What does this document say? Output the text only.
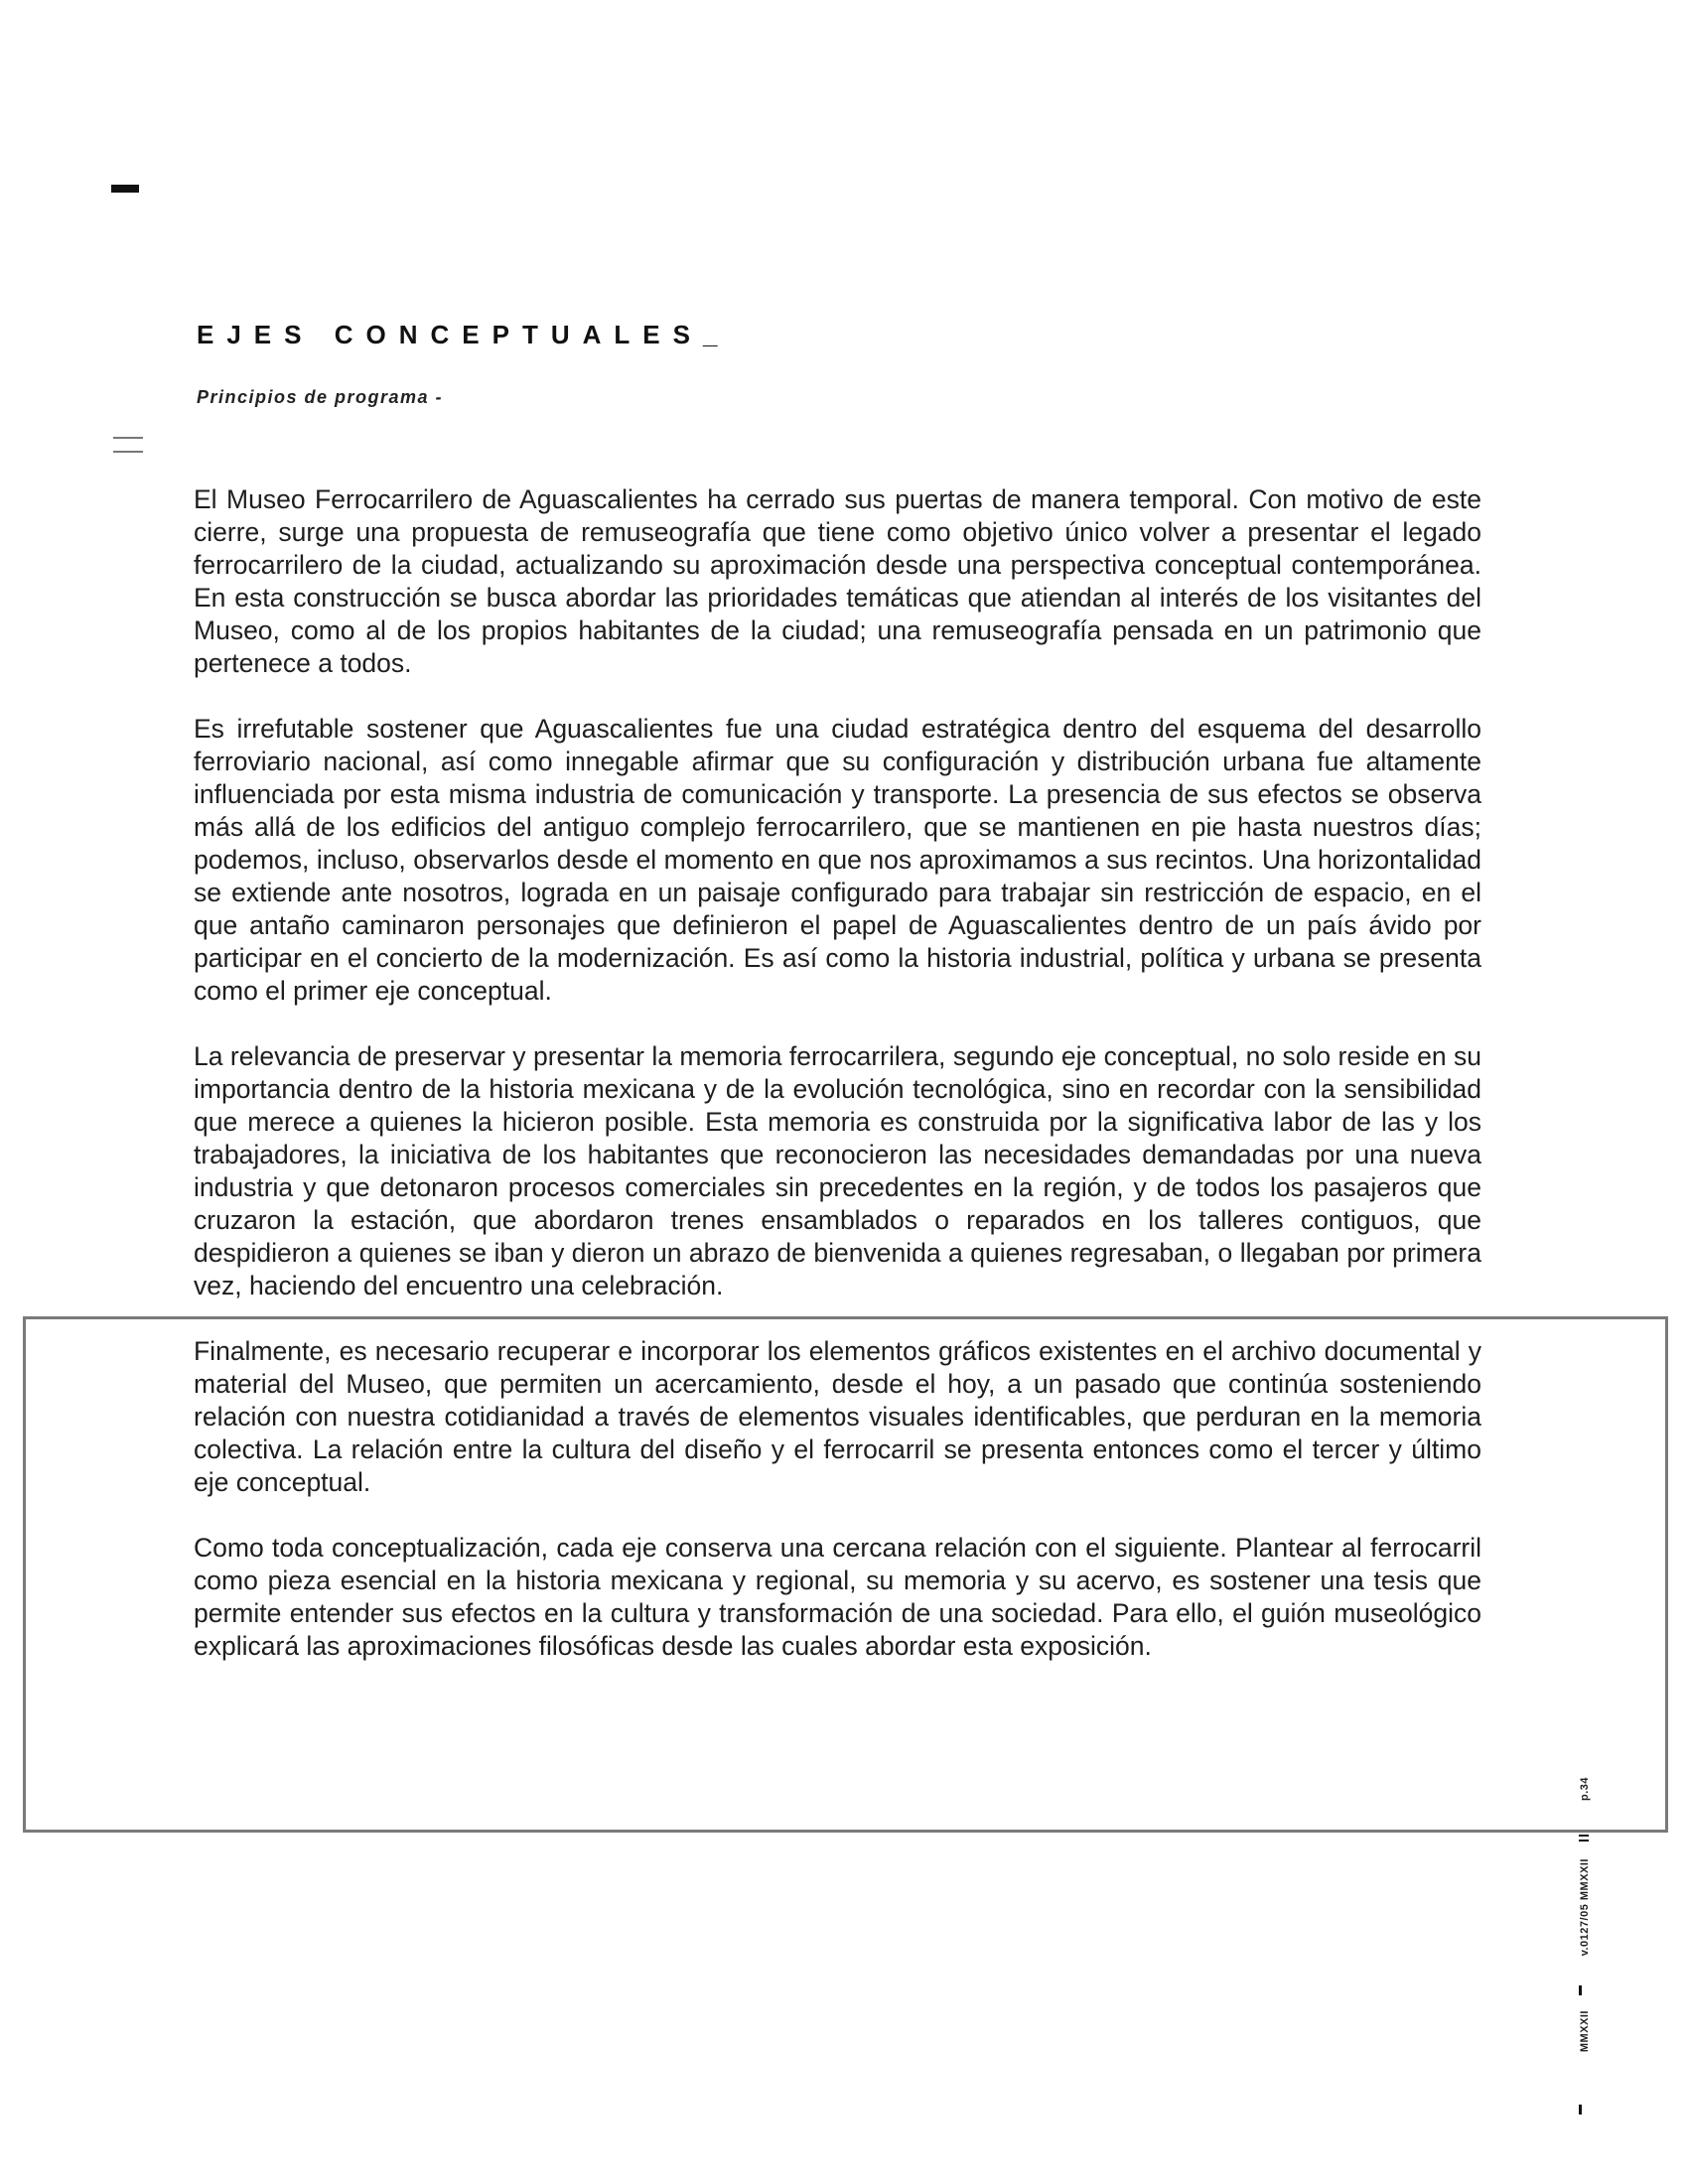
EJES CONCEPTUALES_
Principios de programa -

El Museo Ferrocarrilero de Aguascalientes ha cerrado sus puertas de manera temporal. Con motivo de este cierre, surge una propuesta de remuseografía que tiene como objetivo único volver a presentar el legado ferrocarrilero de la ciudad, actualizando su aproximación desde una perspectiva conceptual contemporánea. En esta construcción se busca abordar las prioridades temáticas que atiendan al interés de los visitantes del Museo, como al de los propios habitantes de la ciudad; una remuseografía pensada en un patrimonio que pertenece a todos.

Es irrefutable sostener que Aguascalientes fue una ciudad estratégica dentro del esquema del desarrollo ferroviario nacional, así como innegable afirmar que su configuración y distribución urbana fue altamente influenciada por esta misma industria de comunicación y transporte. La presencia de sus efectos se observa más allá de los edificios del antiguo complejo ferrocarrilero, que se mantienen en pie hasta nuestros días; podemos, incluso, observarlos desde el momento en que nos aproximamos a sus recintos. Una horizontalidad se extiende ante nosotros, lograda en un paisaje configurado para trabajar sin restricción de espacio, en el que antaño caminaron personajes que definieron el papel de Aguascalientes dentro de un país ávido por participar en el concierto de la modernización. Es así como la historia industrial, política y urbana se presenta como el primer eje conceptual.

La relevancia de preservar y presentar la memoria ferrocarrilera, segundo eje conceptual, no solo reside en su importancia dentro de la historia mexicana y de la evolución tecnológica, sino en recordar con la sensibilidad que merece a quienes la hicieron posible. Esta memoria es construida por la significativa labor de las y los trabajadores, la iniciativa de los habitantes que reconocieron las necesidades demandadas por una nueva industria y que detonaron procesos comerciales sin precedentes en la región, y de todos los pasajeros que cruzaron la estación, que abordaron trenes ensamblados o reparados en los talleres contiguos, que despidieron a quienes se iban y dieron un abrazo de bienvenida a quienes regresaban, o llegaban por primera vez, haciendo del encuentro una celebración.

Finalmente, es necesario recuperar e incorporar los elementos gráficos existentes en el archivo documental y material del Museo, que permiten un acercamiento, desde el hoy, a un pasado que continúa sosteniendo relación con nuestra cotidianidad a través de elementos visuales identificables, que perduran en la memoria colectiva. La relación entre la cultura del diseño y el ferrocarril se presenta entonces como el tercer y último eje conceptual.

Como toda conceptualización, cada eje conserva una cercana relación con el siguiente. Plantear al ferrocarril como pieza esencial en la historia mexicana y regional, su memoria y su acervo, es sostener una tesis que permite entender sus efectos en la cultura y transformación de una sociedad. Para ello, el guión museológico explicará las aproximaciones filosóficas desde las cuales abordar esta exposición.

p.34
v.0127/05 MMXXII
MMXXII
